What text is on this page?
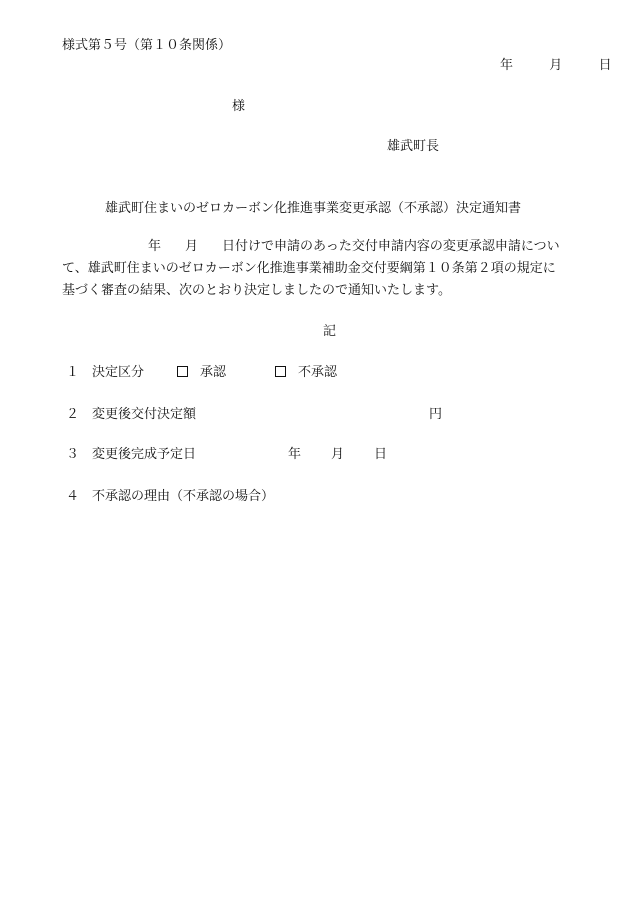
様式第５号（第１０条関係）
年	月	日
様
雄武町長
雄武町住まいのゼロカーボン化推進事業変更承認（不承認）決定通知書
年 月 日付けで申請のあった交付申請内容の変更承認申請につい
て、雄武町住まいのゼロカーボン化推進事業補助金交付要綱第１０条第２項の規定に
基づく審査の結果、次のとおり決定しましたので通知いたします。
記
１ 決定区分	承認	不承認
２ 変更後交付決定額	円
３ 変更後完成予定日	年 月 日
４ 不承認の理由（不承認の場合）
